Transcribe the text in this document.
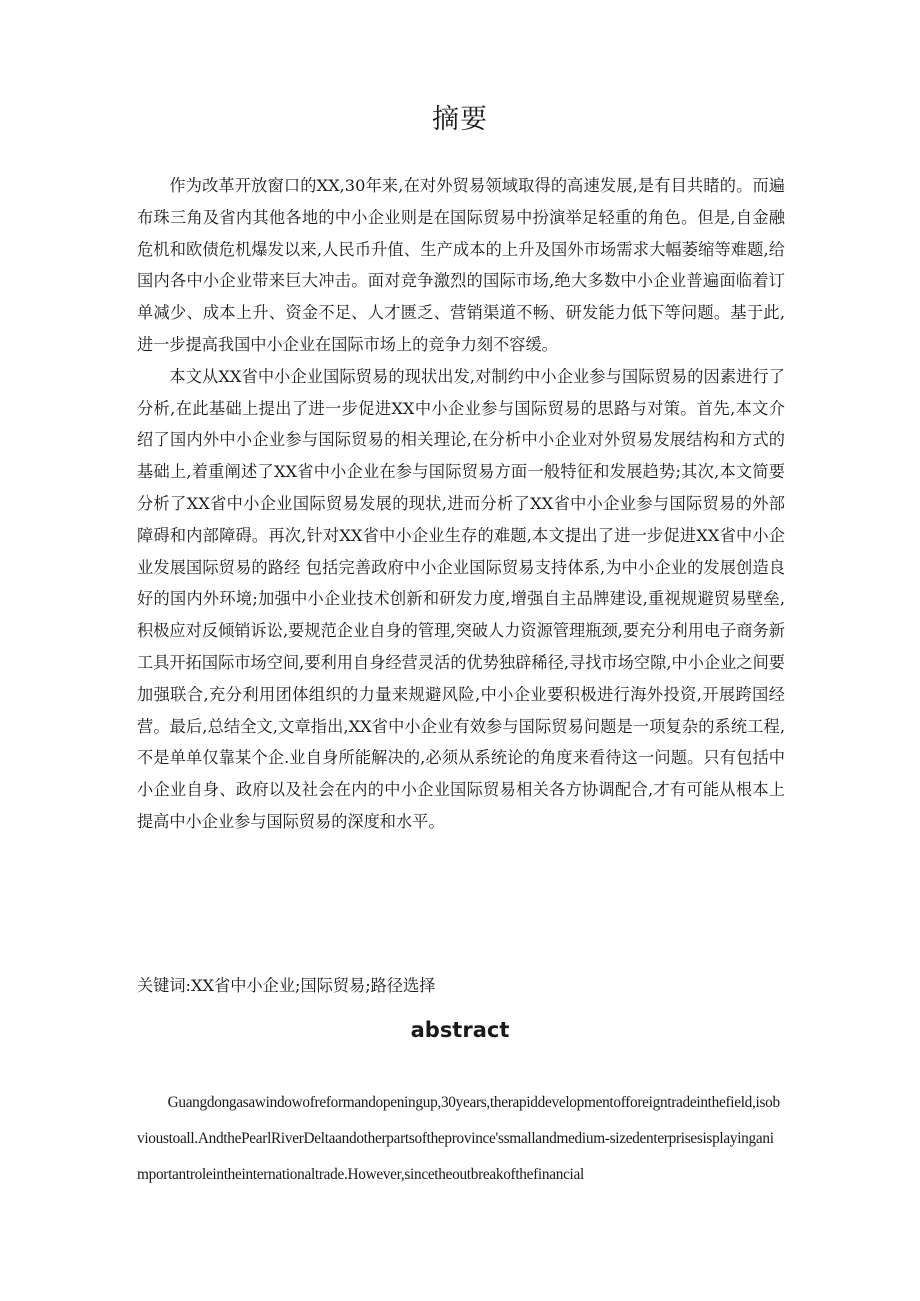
摘要

作为改革开放窗口的XX,30年来,在对外贸易领域取得的高速发展,是有目共睹的。而遍布珠三角及省内其他各地的中小企业则是在国际贸易中扮演举足轻重的角色。但是,自金融危机和欧债危机爆发以来,人民币升值、生产成本的上升及国外市场需求大幅萎缩等难题,给国内各中小企业带来巨大冲击。面对竞争激烈的国际市场,绝大多数中小企业普遍面临着订单减少、成本上升、资金不足、人才匮乏、营销渠道不畅、研发能力低下等问题。基于此,进一步提高我国中小企业在国际市场上的竞争力刻不容缓。

本文从XX省中小企业国际贸易的现状出发,对制约中小企业参与国际贸易的因素进行了分析,在此基础上提出了进一步促进XX中小企业参与国际贸易的思路与对策。首先,本文介绍了国内外中小企业参与国际贸易的相关理论,在分析中小企业对外贸易发展结构和方式的基础上,着重阐述了XX省中小企业在参与国际贸易方面一般特征和发展趋势;其次,本文简要分析了XX省中小企业国际贸易发展的现状,进而分析了XX省中小企业参与国际贸易的外部障碍和内部障碍。再次,针对XX省中小企业生存的难题,本文提出了进一步促进XX省中小企业发展国际贸易的路经 包括完善政府中小企业国际贸易支持体系,为中小企业的发展创造良好的国内外环境;加强中小企业技术创新和研发力度,增强自主品牌建设,重视规避贸易壁垒,积极应对反倾销诉讼,要规范企业自身的管理,突破人力资源管理瓶颈,要充分利用电子商务新工具开拓国际市场空间,要利用自身经营灵活的优势独辟稀径,寻找市场空隙,中小企业之间要加强联合,充分利用团体组织的力量来规避风险,中小企业要积极进行海外投资,开展跨国经营。最后,总结全文,文章指出,XX省中小企业有效参与国际贸易问题是一项复杂的系统工程,不是单单仅靠某个企.业自身所能解决的,必须从系统论的角度来看待这一问题。只有包括中小企业自身、政府以及社会在内的中小企业国际贸易相关各方协调配合,才有可能从根本上提高中小企业参与国际贸易的深度和水平。

关键词:XX省中小企业;国际贸易;路径选择

abstract

Guangdongasawindowofreformandopeningup,30years,therapiddevelopmentofforeigntradeinthefield,isobvioustoall.AndthePearlRiverDeltaandotherpartsoftheprovince'ssmallandmedium-sizedenterprisesisplayinganimportantroleintheinternationaltrade.However,sincetheoutbreakofthefinancial
